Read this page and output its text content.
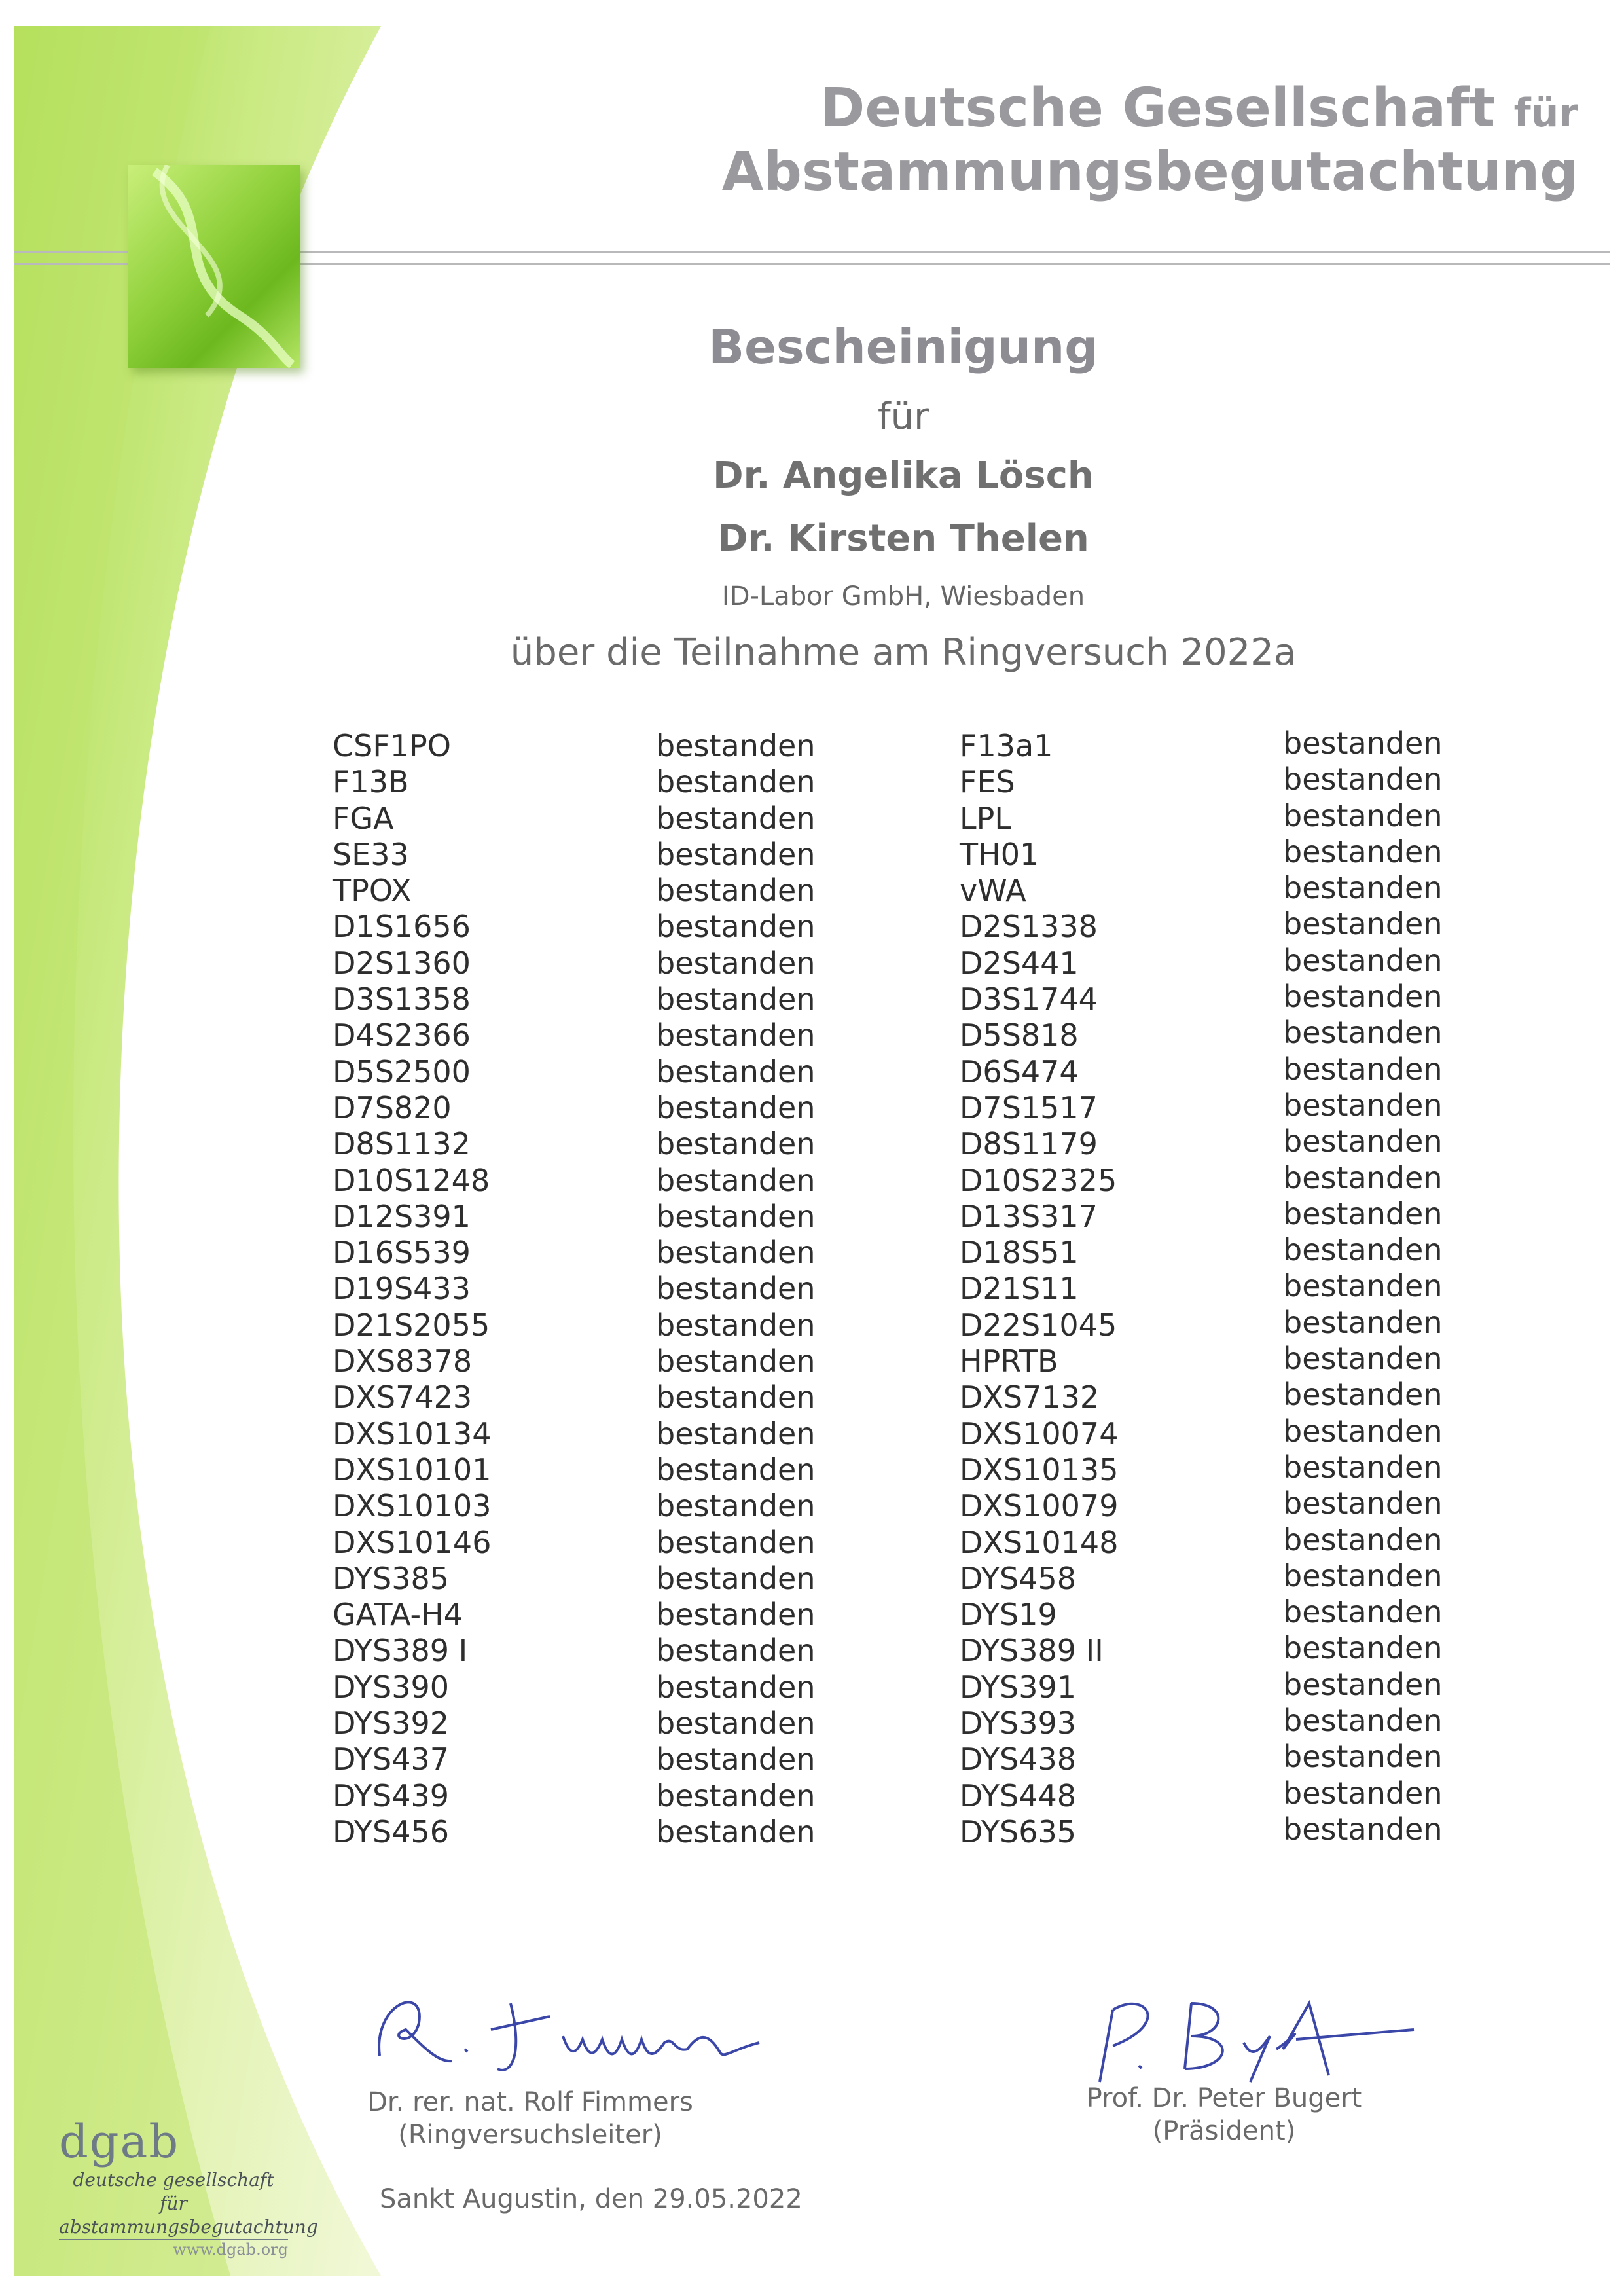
Deutsche Gesellschaft für
Abstammungsbegutachtung
Bescheinigung
für
Dr. Angelika Lösch
Dr. Kirsten Thelen
ID-Labor GmbH, Wiesbaden
über die Teilnahme am Ringversuch 2022a
CSF1PO
F13B
FGA
SE33
TPOX
D1S1656
D2S1360
D3S1358
D4S2366
D5S2500
D7S820
D8S1132
D10S1248
D12S391
D16S539
D19S433
D21S2055
DXS8378
DXS7423
DXS10134
DXS10101
DXS10103
DXS10146
DYS385
GATA-H4
DYS389 I
DYS390
DYS392
DYS437
DYS439
DYS456
bestanden
bestanden
bestanden
bestanden
bestanden
bestanden
bestanden
bestanden
bestanden
bestanden
bestanden
bestanden
bestanden
bestanden
bestanden
bestanden
bestanden
bestanden
bestanden
bestanden
bestanden
bestanden
bestanden
bestanden
bestanden
bestanden
bestanden
bestanden
bestanden
bestanden
bestanden
F13a1
FES
LPL
TH01
vWA
D2S1338
D2S441
D3S1744
D5S818
D6S474
D7S1517
D8S1179
D10S2325
D13S317
D18S51
D21S11
D22S1045
HPRTB
DXS7132
DXS10074
DXS10135
DXS10079
DXS10148
DYS458
DYS19
DYS389 II
DYS391
DYS393
DYS438
DYS448
DYS635
bestanden
bestanden
bestanden
bestanden
bestanden
bestanden
bestanden
bestanden
bestanden
bestanden
bestanden
bestanden
bestanden
bestanden
bestanden
bestanden
bestanden
bestanden
bestanden
bestanden
bestanden
bestanden
bestanden
bestanden
bestanden
bestanden
bestanden
bestanden
bestanden
bestanden
bestanden
Dr. rer. nat. Rolf Fimmers
(Ringversuchsleiter)
Prof. Dr. Peter Bugert
(Präsident)
Sankt Augustin, den 29.05.2022
dgab
deutsche gesellschaft für
abstammungsbegutachtung
www.dgab.org
